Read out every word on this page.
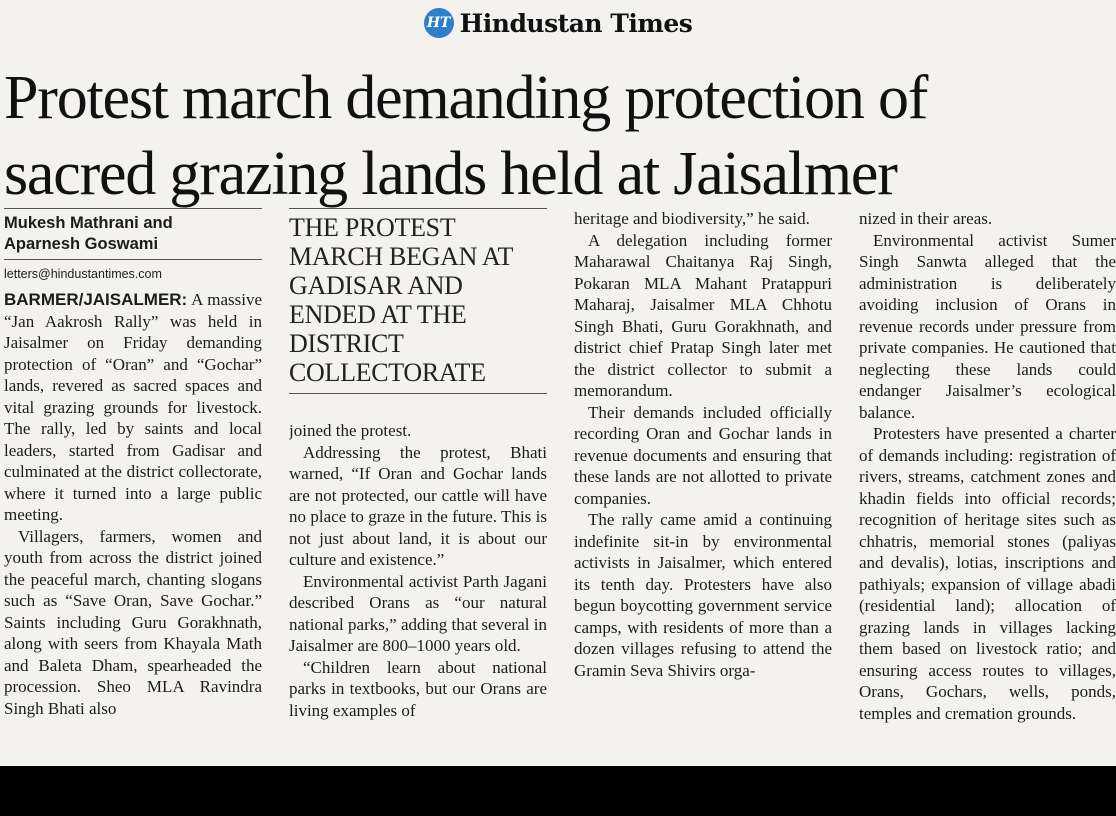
HT Hindustan Times
Protest march demanding protection of
sacred grazing lands held at Jaisalmer
Mukesh Mathrani and
Aparnesh Goswami
letters@hindustantimes.com

BARMER/JAISALMER: A massive “Jan Aakrosh Rally” was held in Jaisalmer on Friday demanding protection of “Oran” and “Gochar” lands, revered as sacred spaces and vital grazing grounds for livestock. The rally, led by saints and local leaders, started from Gadisar and culminated at the district collectorate, where it turned into a large public meeting.

Villagers, farmers, women and youth from across the district joined the peaceful march, chanting slogans such as “Save Oran, Save Gochar.” Saints including Guru Gorakhnath, along with seers from Khayala Math and Baleta Dham, spearheaded the procession. Sheo MLA Ravindra Singh Bhati also

THE PROTEST MARCH BEGAN AT GADISAR AND ENDED AT THE DISTRICT COLLECTORATE

joined the protest.

Addressing the protest, Bhati warned, “If Oran and Gochar lands are not protected, our cattle will have no place to graze in the future. This is not just about land, it is about our culture and existence.”

Environmental activist Parth Jagani described Orans as “our natural national parks,” adding that several in Jaisalmer are 800–1000 years old.

“Children learn about national parks in textbooks, but our Orans are living examples of

heritage and biodiversity,” he said.

A delegation including former Maharawal Chaitanya Raj Singh, Pokaran MLA Mahant Pratappuri Maharaj, Jaisalmer MLA Chhotu Singh Bhati, Guru Gorakhnath, and district chief Pratap Singh later met the district collector to submit a memorandum.

Their demands included officially recording Oran and Gochar lands in revenue documents and ensuring that these lands are not allotted to private companies.

The rally came amid a continuing indefinite sit-in by environmental activists in Jaisalmer, which entered its tenth day. Protesters have also begun boycotting government service camps, with residents of more than a dozen villages refusing to attend the Gramin Seva Shivirs orga-

nized in their areas.

Environmental activist Sumer Singh Sanwta alleged that the administration is deliberately avoiding inclusion of Orans in revenue records under pressure from private companies. He cautioned that neglecting these lands could endanger Jaisalmer’s ecological balance.

Protesters have presented a charter of demands including: registration of rivers, streams, catchment zones and khadin fields into official records; recognition of heritage sites such as chhatris, memorial stones (paliyas and devalis), lotias, inscriptions and pathiyals; expansion of village abadi (residential land); allocation of grazing lands in villages lacking them based on livestock ratio; and ensuring access routes to villages, Orans, Gochars, wells, ponds, temples and cremation grounds.
